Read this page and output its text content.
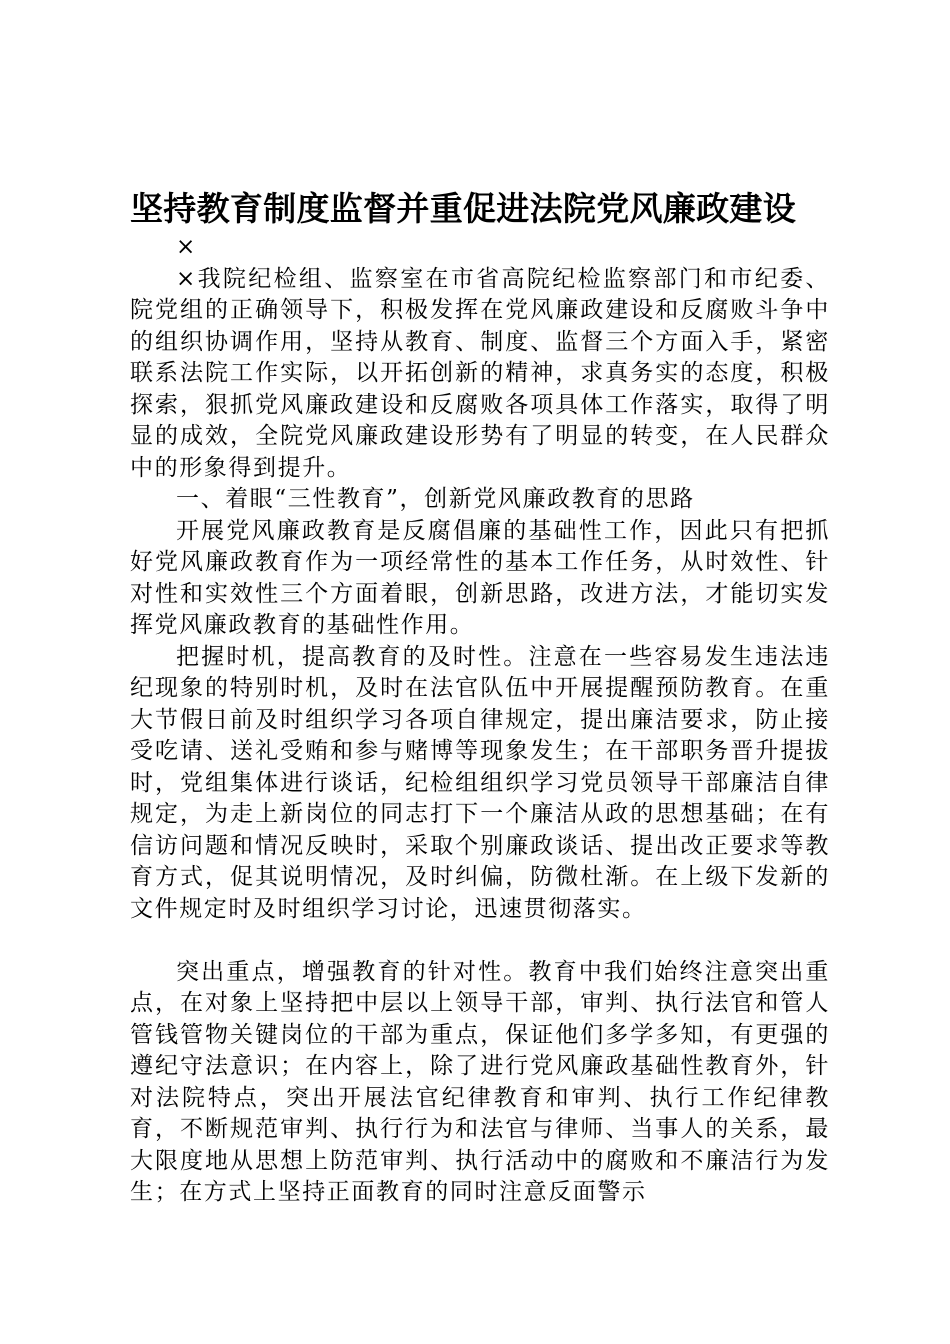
坚持教育制度监督并重促进法院党风廉政建设

×

×我院纪检组、监察室在市省高院纪检监察部门和市纪委、院党组的正确领导下，积极发挥在党风廉政建设和反腐败斗争中的组织协调作用，坚持从教育、制度、监督三个方面入手，紧密联系法院工作实际，以开拓创新的精神，求真务实的态度，积极探索，狠抓党风廉政建设和反腐败各项具体工作落实，取得了明显的成效，全院党风廉政建设形势有了明显的转变，在人民群众中的形象得到提升。

一、着眼“三性教育”，创新党风廉政教育的思路

开展党风廉政教育是反腐倡廉的基础性工作，因此只有把抓好党风廉政教育作为一项经常性的基本工作任务，从时效性、针对性和实效性三个方面着眼，创新思路，改进方法，才能切实发挥党风廉政教育的基础性作用。

把握时机，提高教育的及时性。注意在一些容易发生违法违纪现象的特别时机，及时在法官队伍中开展提醒预防教育。在重大节假日前及时组织学习各项自律规定，提出廉洁要求，防止接受吃请、送礼受贿和参与赌博等现象发生；在干部职务晋升提拔时，党组集体进行谈话，纪检组组织学习党员领导干部廉洁自律规定，为走上新岗位的同志打下一个廉洁从政的思想基础；在有信访问题和情况反映时，采取个别廉政谈话、提出改正要求等教育方式，促其说明情况，及时纠偏，防微杜渐。在上级下发新的文件规定时及时组织学习讨论，迅速贯彻落实。

突出重点，增强教育的针对性。教育中我们始终注意突出重点，在对象上坚持把中层以上领导干部，审判、执行法官和管人管钱管物关键岗位的干部为重点，保证他们多学多知，有更强的遵纪守法意识；在内容上，除了进行党风廉政基础性教育外，针对法院特点，突出开展法官纪律教育和审判、执行工作纪律教育，不断规范审判、执行行为和法官与律师、当事人的关系，最大限度地从思想上防范审判、执行活动中的腐败和不廉洁行为发生；在方式上坚持正面教育的同时注意反面警示
